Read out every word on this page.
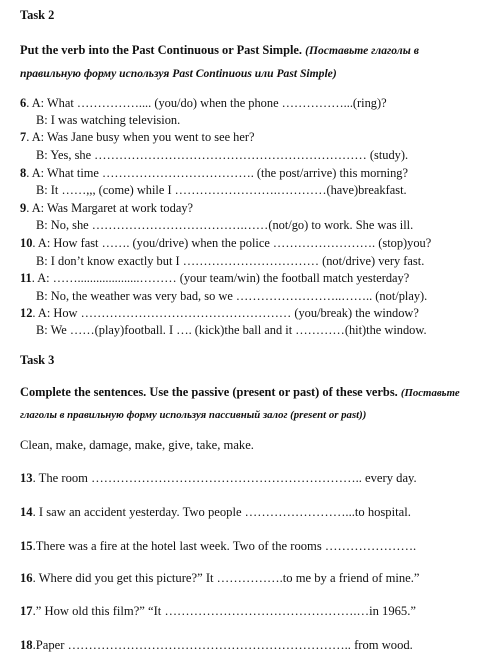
Task 2
Put the verb into the Past Continuous or Past Simple. (Поставьте глаголы в
правильную форму используя Past Continuous или Past Simple)
6. A: What …………….... (you/do) when the phone ……………...(ring)?
B: I was watching television.
7. A: Was Jane busy when you went to see her?
B: Yes, she ………………………………………………………… (study).
8. A: What time ………………………………. (the post/arrive) this morning?
B: It ……,,, (come) while I …………………….…………(have)breakfast.
9. A: Was Margaret at work today?
B: No, she ……………………………….……(not/go) to work. She was ill.
10. A: How fast ……. (you/drive) when the police ……………………. (stop)you?
B: I don’t know exactly but I …………………………… (not/drive) very fast.
11. A: ……....................……… (your team/win) the football match yesterday?
B: No, the weather was very bad, so we ……………………..…….. (not/play).
12. A: How …………………………………………… (you/break) the window?
B: We ……(play)football. I …. (kick)the ball and it …………(hit)the window.
Task 3
Complete the sentences. Use the passive (present or past) of these verbs. (Поставьте
глаголы в правильную форму используя пассивный залог (present or past))
Clean, make, damage, make, give, take, make.
13. The room ……………………………………………………….. every day.
14. I saw an accident yesterday. Two people ……………………...to hospital.
15.There was a fire at the hotel last week. Two of the rooms ………………….
16. Where did you get this picture?” It …………….to me by a friend of mine.”
17.” How old this film?” “It ……………………………………….…in 1965.”
18.Paper ………………………………………………………….. from wood.
